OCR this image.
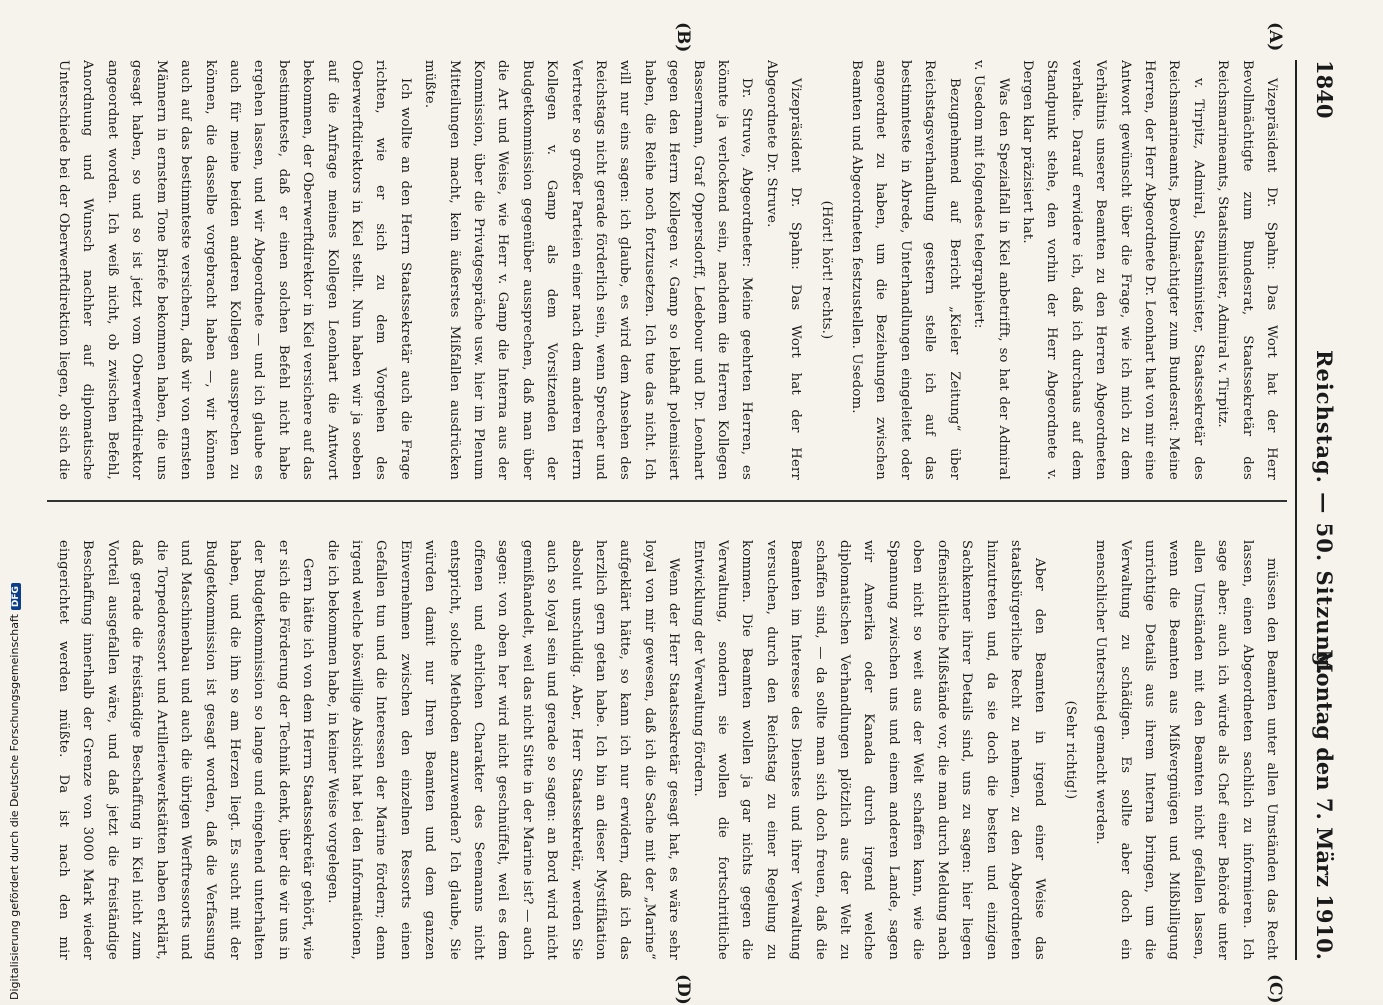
1840
Reichstag. — 50. Sitzung.
Montag den 7. März 1910.
(A)
(B)
(C)
(D)

Vizepräsident Dr. Spahn: Das Wort hat der Herr Bevollmächtigte zum Bundesrat, Staatssekretär des Reichsmarineamts, Staatsminister, Admiral v. Tirpitz.

v. Tirpitz, Admiral, Staatsminister, Staatssekretär des Reichsmarineamts, Bevollmächtigter zum Bundesrat: Meine Herren, der Herr Abgeordnete Dr. Leonhart hat von mir eine Antwort gewünscht über die Frage, wie ich mich zu dem Verhältnis unserer Beamten zu den Herren Abgeordneten verhalte. Darauf erwidere ich, daß ich durchaus auf dem Standpunkt stehe, den vorhin der Herr Abgeordnete v. Dergen klar präzisiert hat.

Was den Spezialfall in Kiel anbetrifft, so hat der Admiral v. Usedom mit folgendes telegraphiert:

Bezugnehmend auf Bericht „Kieler Zeitung“ über Reichstagsverhandlung gestern stelle ich auf das bestimmteste in Abrede, Unterhandlungen eingeleitet oder angeordnet zu haben, um die Beziehungen zwischen Beamten und Abgeordneten festzustellen. Usedom.

(Hört! hört! rechts.)

Vizepräsident Dr. Spahn: Das Wort hat der Herr Abgeordnete Dr. Struve.

Dr. Struve, Abgeordneter: Meine geehrten Herren, es könnte ja verlockend sein, nachdem die Herren Kollegen Bassermann, Graf Oppersdorff, Ledebour und Dr. Leonhart gegen den Herrn Kollegen v. Gamp so lebhaft polemisiert haben, die Reihe noch fortzusetzen. Ich tue das nicht. Ich will nur eins sagen: ich glaube, es wird dem Ansehen des Reichstags nicht gerade förderlich sein, wenn Sprecher und Vertreter so großer Parteien einer nach dem anderen Herrn Kollegen v. Gamp als dem Vorsitzenden der Budgetkommission gegenüber aussprechen, daß man über die Art und Weise, wie Herr v. Gamp die Interna aus der Kommission, über die Privatgespräche usw. hier im Plenum Mitteilungen macht, kein äußerstes Mißfallen ausdrücken müßte.

Ich wollte an den Herrn Staatssekretär auch die Frage richten, wie er sich zu dem Vorgehen des Oberwerftdirektors in Kiel stellt. Nun haben wir ja soeben auf die Anfrage meines Kollegen Leonhart die Antwort bekommen, der Oberwerftdirektor in Kiel versichere auf das bestimmteste, daß er einen solchen Befehl nicht habe ergehen lassen, und wir Abgeordnete — und ich glaube es auch für meine beiden anderen Kollegen aussprechen zu können, die dasselbe vorgebracht haben —, wir können auch auf das bestimmteste versichern, daß wir von ernsten Männern in ernstem Tone Briefe bekommen haben, die uns gesagt haben, so und so ist jetzt vom Oberwerftdirektor angeordnet worden. Ich weiß nicht, ob zwischen Befehl, Anordnung und Wunsch nachher auf diplomatische Unterschiede bei der Oberwerftdirektion liegen, ob sich die

müssen den Beamten unter allen Umständen das Recht lassen, einen Abgeordneten sachlich zu informieren. Ich sage aber: auch ich würde als Chef einer Behörde unter allen Umständen mit den Beamten nicht gefallen lassen, wenn die Beamten aus Mißvergnügen und Mißbilligung unrichtige Details aus ihrem Interna bringen, um die Verwaltung zu schädigen. Es sollte aber doch ein menschlicher Unterschied gemacht werden.

(Sehr richtig!)

Aber den Beamten in irgend einer Weise das staatsbürgerliche Recht zu nehmen, zu den Abgeordneten hinzutreten und, da sie doch die besten und einzigen Sachkenner ihrer Details sind, uns zu sagen: hier liegen offensichtliche Mißstände vor, die man durch Meldung nach oben nicht so weit aus der Welt schaffen kann, wie die Spannung zwischen uns und einem anderen Lande, sagen wir Amerika oder Kanada durch irgend welche diplomatischen Verhandlungen plötzlich aus der Welt zu schaffen sind, — da sollte man sich doch freuen, daß die Beamten im Interesse des Dienstes und ihrer Verwaltung versuchen, durch den Reichstag zu einer Regelung zu kommen. Die Beamten wollen ja gar nichts gegen die Verwaltung, sondern sie wollen die fortschrittliche Entwicklung der Verwaltung fördern.

Wenn der Herr Staatssekretär gesagt hat, es wäre sehr loyal von mir gewesen, daß ich die Sache mit der „Marine“ aufgeklärt hätte, so kann ich nur erwidern, daß ich das herzlich gern getan habe. Ich bin an dieser Mystifikation absolut unschuldig. Aber, Herr Staatssekretär, werden Sie auch so loyal sein und gerade so sagen: an Bord wird nicht gemißhandelt, weil das nicht Sitte in der Marine ist? — auch sagen: von oben her wird nicht geschnüffelt, weil es dem offenen und ehrlichen Charakter des Seemanns nicht entspricht, solche Methoden anzuwenden? Ich glaube, Sie würden damit nur Ihren Beamten und dem ganzen Einvernehmen zwischen den einzelnen Ressorts einen Gefallen tun und die Interessen der Marine fördern; denn irgend welche böswillige Absicht hat bei den Informationen, die ich bekommen habe, in keiner Weise vorgelegen.

Gern hätte ich von dem Herrn Staatssekretär gehört, wie er sich die Förderung der Technik denkt, über die wir uns in der Budgetkommission so lange und eingehend unterhalten haben, und die ihm so am Herzen liegt. Es sucht mit der Budgetkommission ist gesagt worden, daß die Verfassung und Maschinenbau und auch die übrigen Werftressorts und die Torpedoressort und Artilleriewerkstätten haben erklärt, daß gerade die freiständige Beschaffung in Kiel nicht zum Vorteil ausgefallen wäre, und daß jetzt die freiständige Beschaffung innerhalb der Grenze von 3000 Mark wieder eingerichtet werden müßte. Da ist nach den mir

Digitalisierung gefördert durch die Deutsche ForschungsgemeinschaftDFG
